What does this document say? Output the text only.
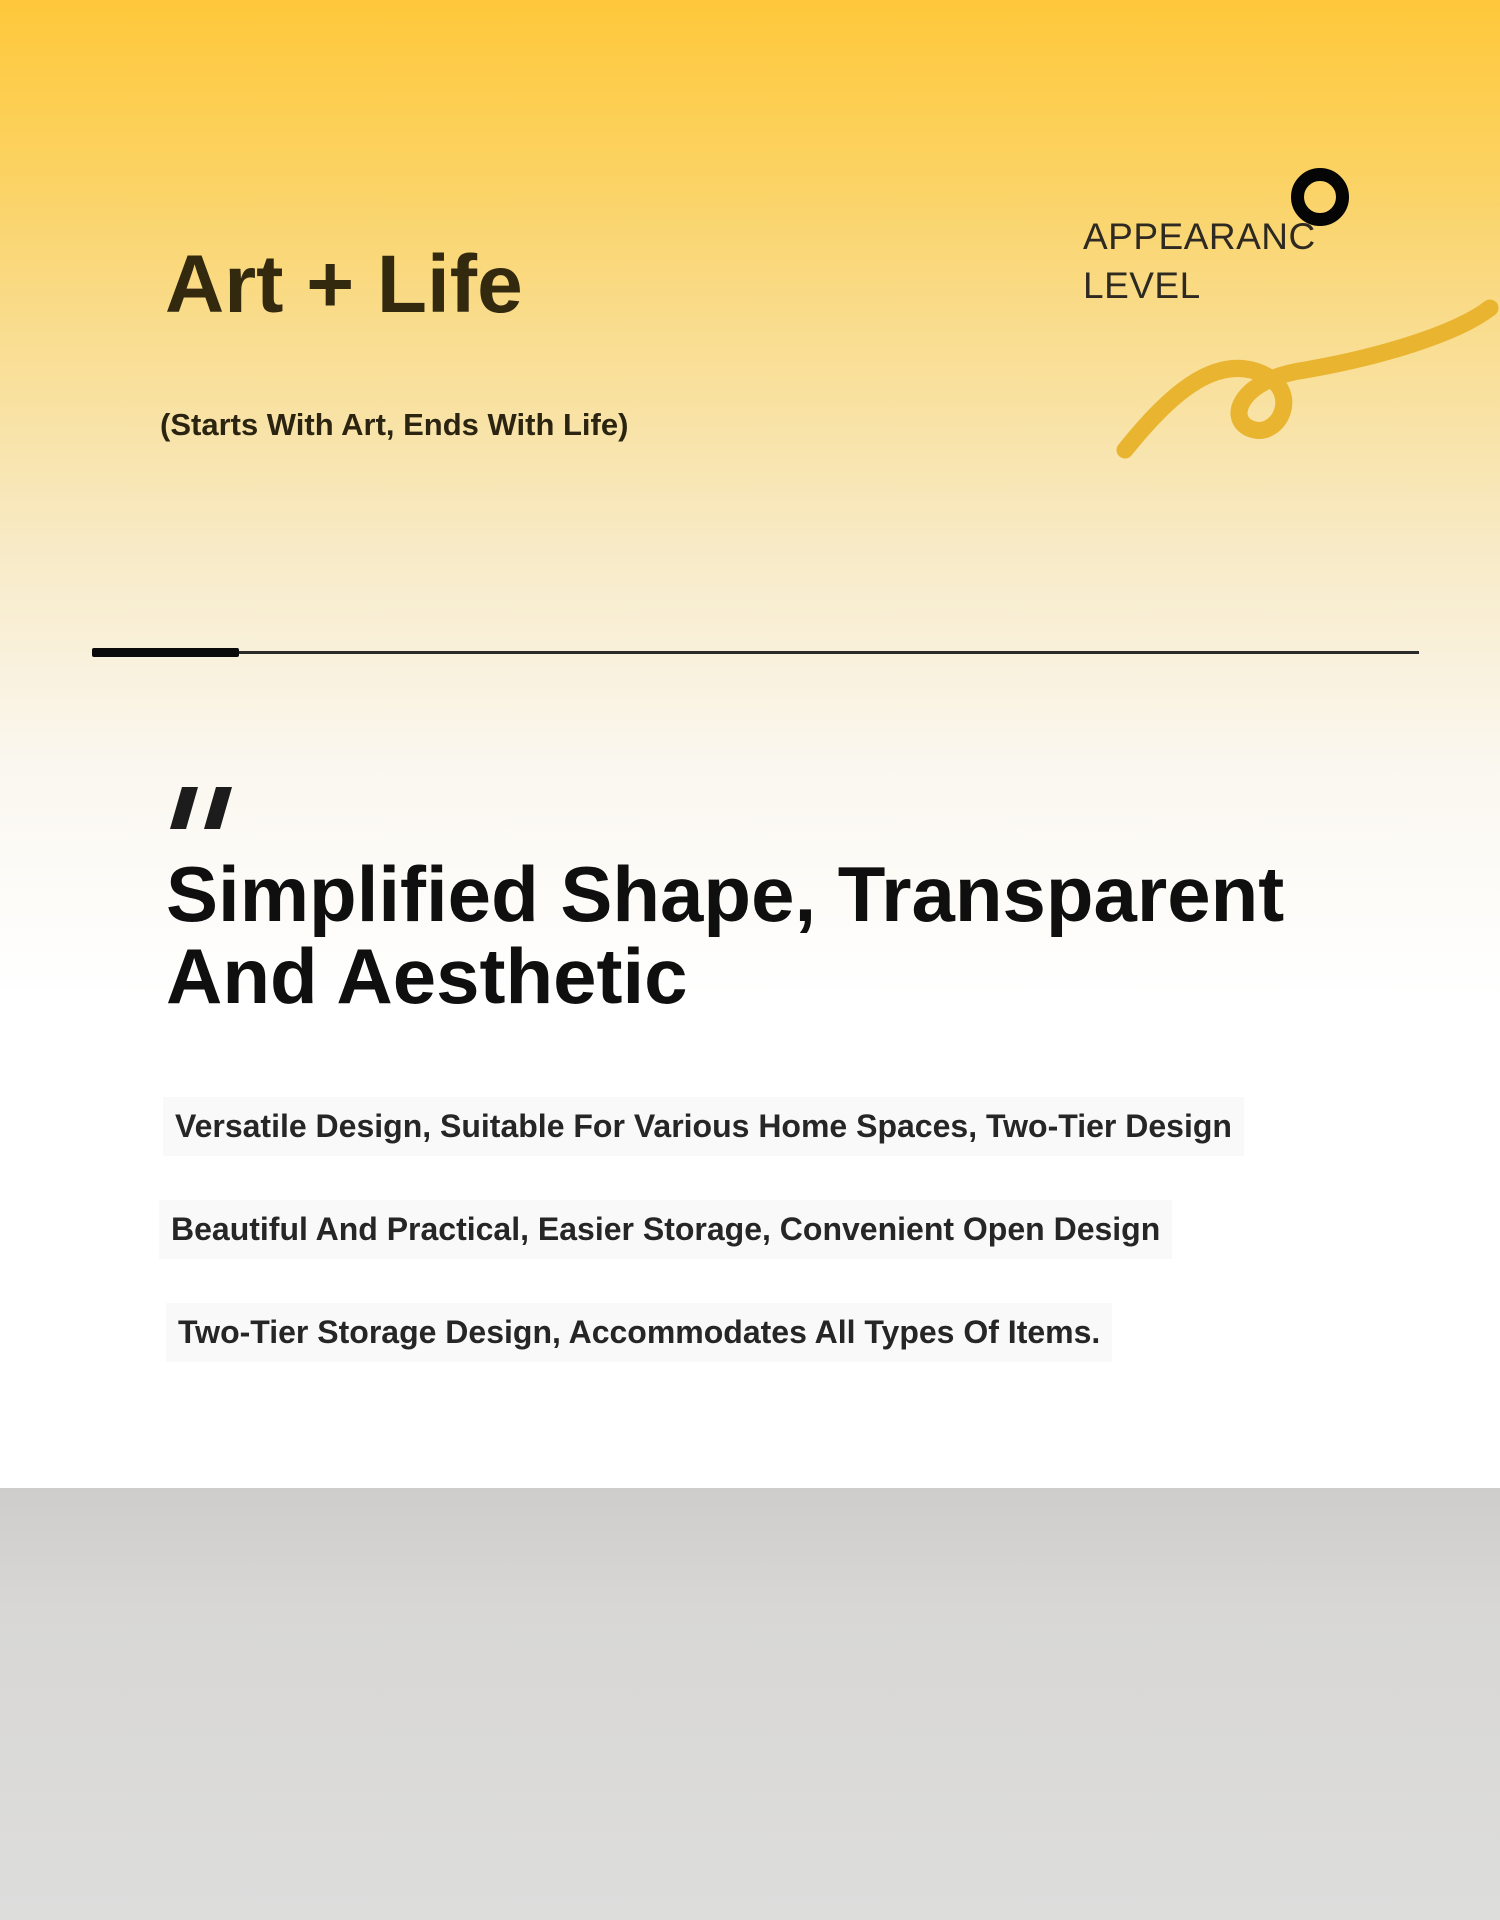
Art + Life

(Starts With Art, Ends With Life)

APPEARANC
LEVEL
Simplified Shape, Transparent
And Aesthetic

Versatile Design, Suitable For Various Home Spaces, Two-Tier Design

Beautiful And Practical, Easier Storage, Convenient Open Design

Two-Tier Storage Design, Accommodates All Types Of Items.
